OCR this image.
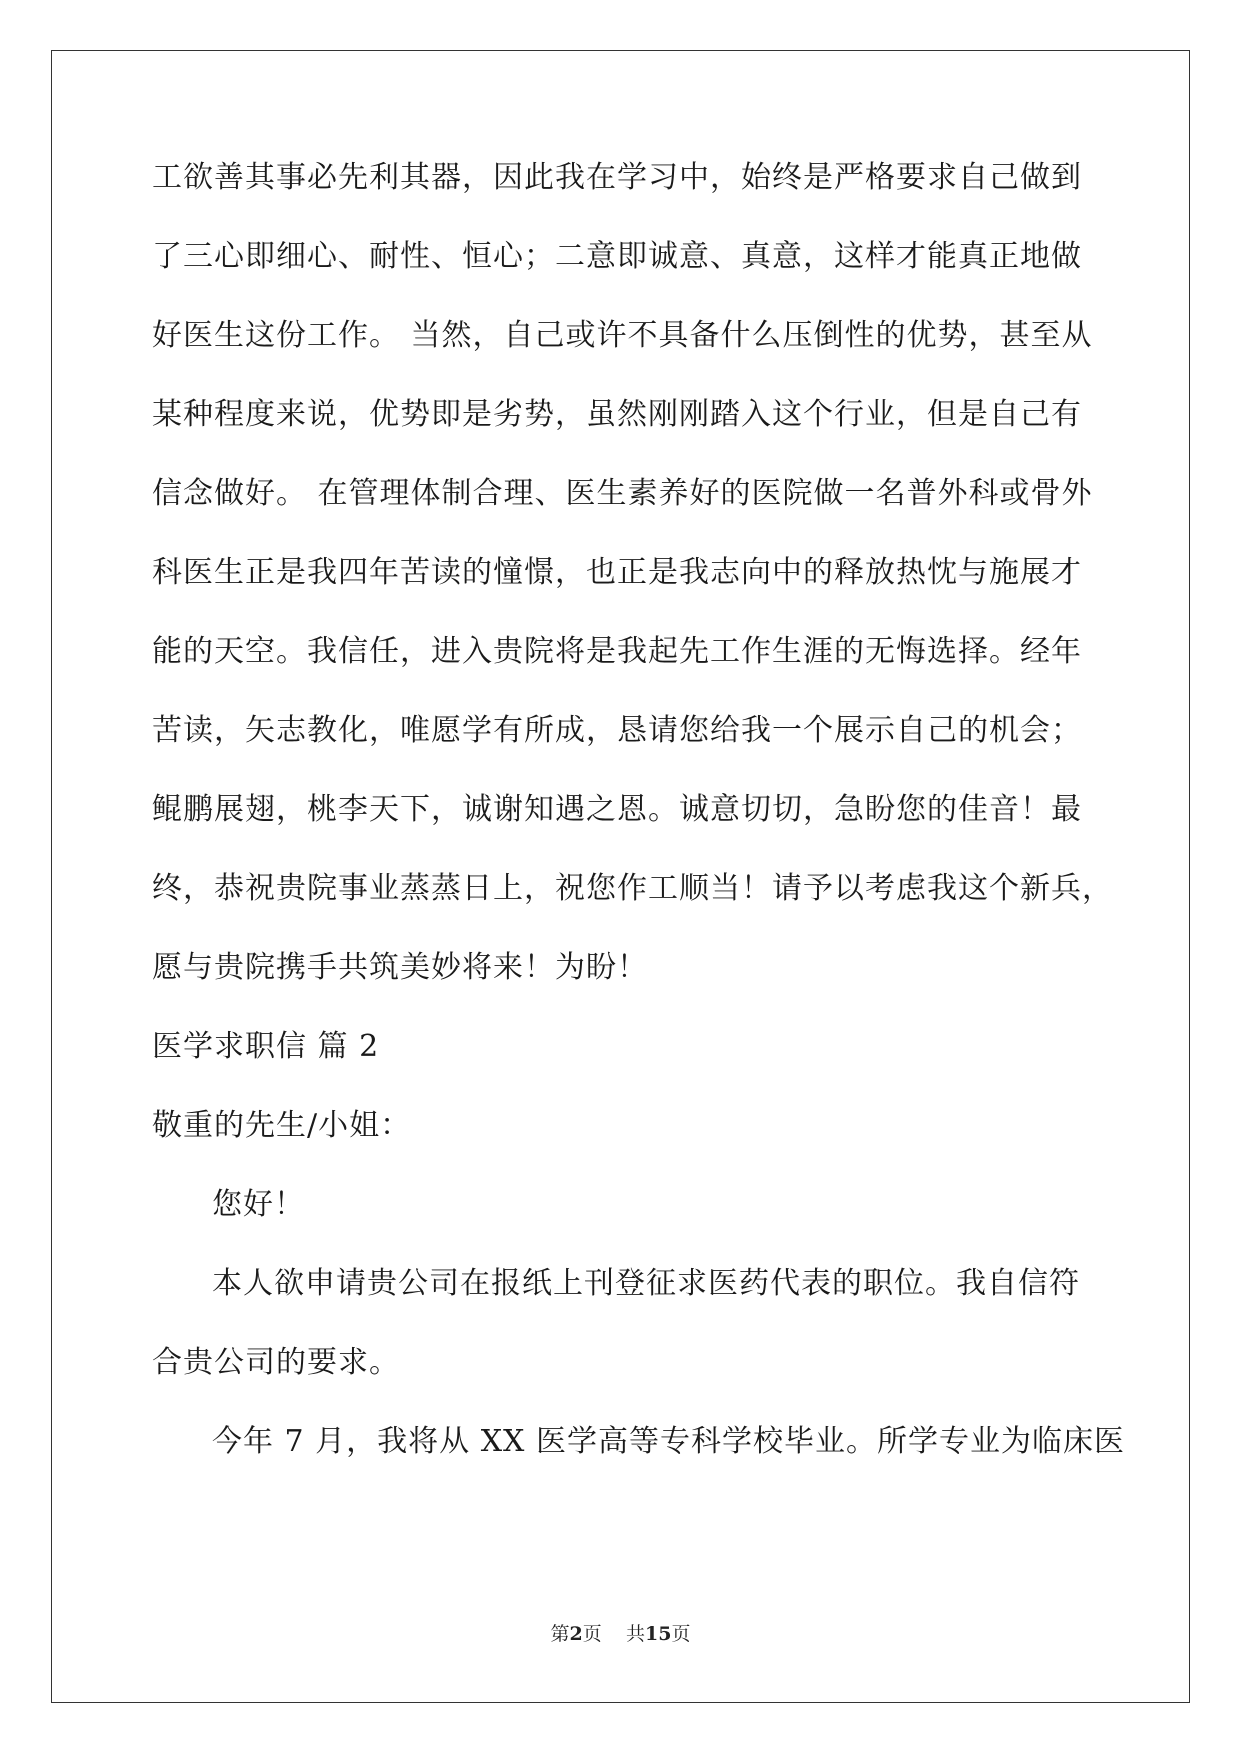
工欲善其事必先利其器，因此我在学习中，始终是严格要求自己做到

了三心即细心、耐性、恒心；二意即诚意、真意，这样才能真正地做

好医生这份工作。 当然，自己或许不具备什么压倒性的优势，甚至从

某种程度来说，优势即是劣势，虽然刚刚踏入这个行业，但是自己有

信念做好。 在管理体制合理、医生素养好的医院做一名普外科或骨外

科医生正是我四年苦读的憧憬，也正是我志向中的释放热忱与施展才

能的天空。我信任，进入贵院将是我起先工作生涯的无悔选择。经年

苦读，矢志教化，唯愿学有所成，恳请您给我一个展示自己的机会；

鲲鹏展翅，桃李天下，诚谢知遇之恩。诚意切切，急盼您的佳音！最

终，恭祝贵院事业蒸蒸日上，祝您作工顺当！请予以考虑我这个新兵，

愿与贵院携手共筑美妙将来！为盼！

医学求职信 篇 2

敬重的先生/小姐：

您好！

本人欲申请贵公司在报纸上刊登征求医药代表的职位。我自信符

合贵公司的要求。

今年 7 月，我将从 XX 医学高等专科学校毕业。所学专业为临床医

第2页 共15页
